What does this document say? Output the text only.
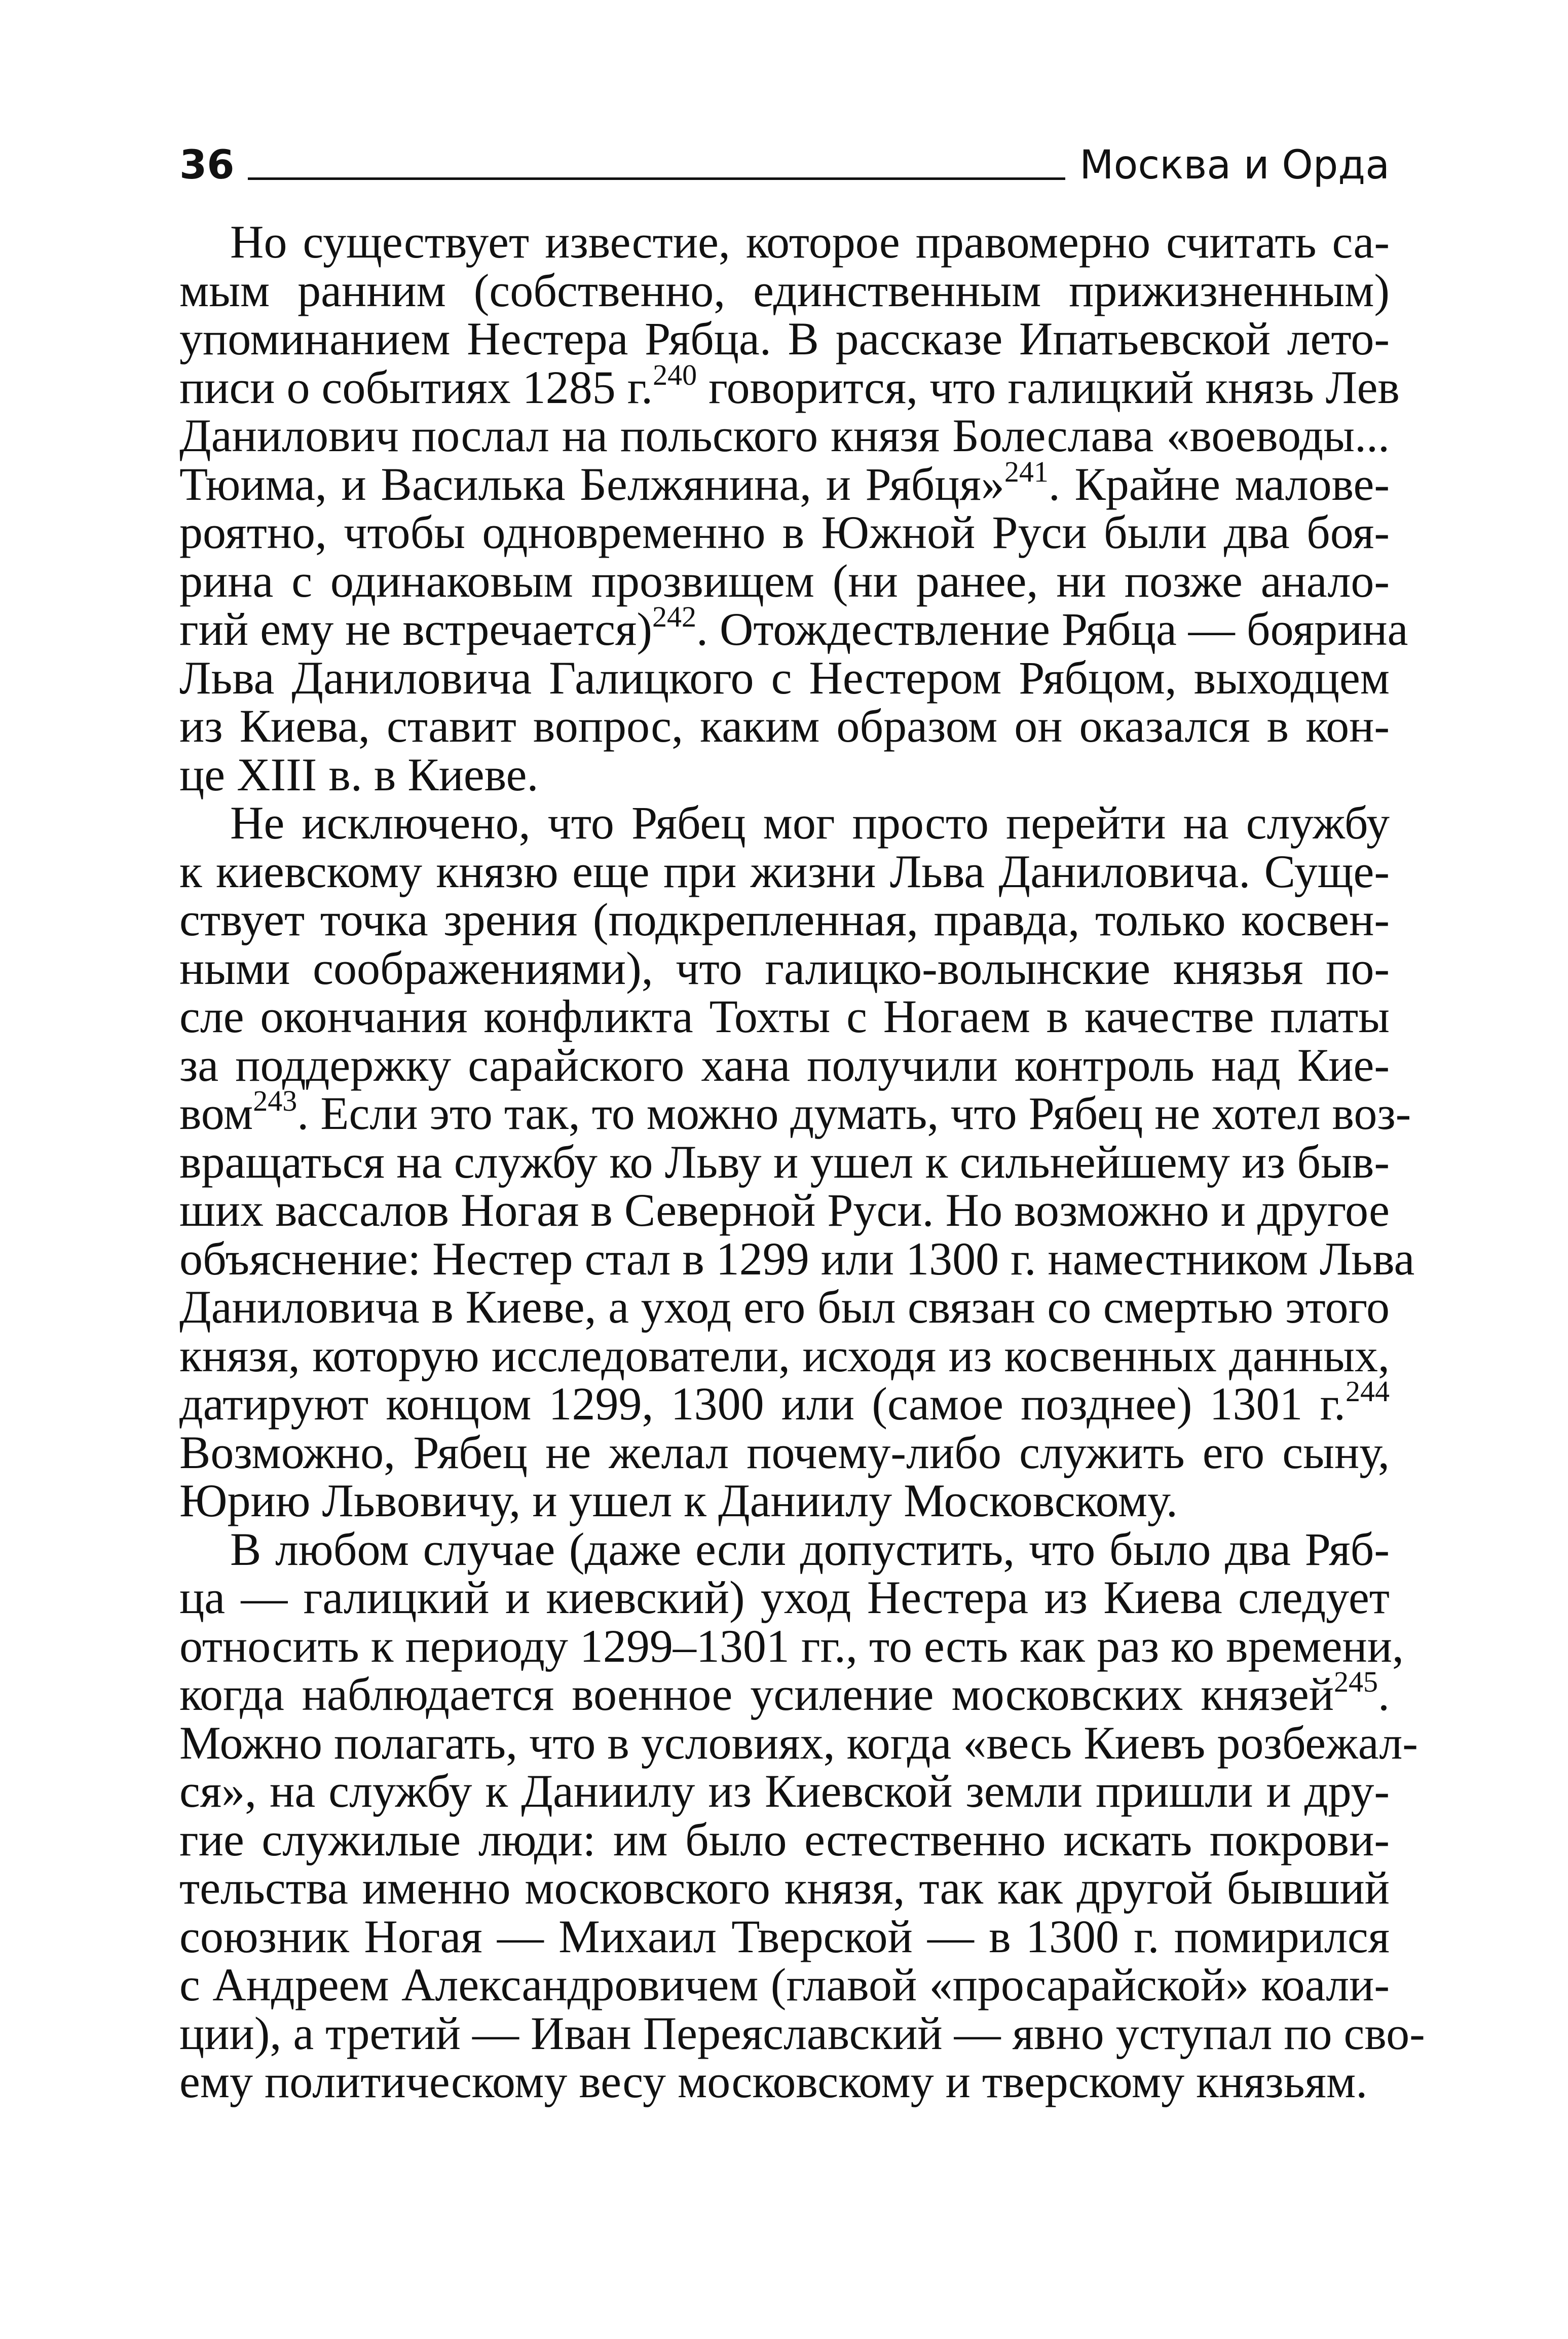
36	Москва и Орда
Но существует известие, которое правомерно считать са-
мым ранним (собственно, единственным прижизненным)
упоминанием Нестера Рябца. В рассказе Ипатьевской лето-
писи о событиях 1285 г.$^{240}$ говорится, что галицкий князь Лев
Данилович послал на польского князя Болеслава «воеводы...
Тюима, и Василька Белжянина, и Рябця»$^{241}$. Крайне малове-
роятно, чтобы одновременно в Южной Руси были два боя-
рина с одинаковым прозвищем (ни ранее, ни позже анало-
гий ему не встречается)$^{242}$. Отождествление Рябца — боярина
Льва Даниловича Галицкого с Нестером Рябцом, выходцем
из Киева, ставит вопрос, каким образом он оказался в кон-
це XIII в. в Киеве.
Не исключено, что Рябец мог просто перейти на службу
к киевскому князю еще при жизни Льва Даниловича. Суще-
ствует точка зрения (подкрепленная, правда, только косвен-
ными соображениями), что галицко-волынские князья по-
сле окончания конфликта Тохты с Ногаем в качестве платы
за поддержку сарайского хана получили контроль над Кие-
вом$^{243}$. Если это так, то можно думать, что Рябец не хотел воз-
вращаться на службу ко Льву и ушел к сильнейшему из быв-
ших вассалов Ногая в Северной Руси. Но возможно и другое
объяснение: Нестер стал в 1299 или 1300 г. наместником Льва
Даниловича в Киеве, а уход его был связан со смертью этого
князя, которую исследователи, исходя из косвенных данных,
датируют концом 1299, 1300 или (самое позднее) 1301 г.$^{244}$
Возможно, Рябец не желал почему-либо служить его сыну,
Юрию Львовичу, и ушел к Даниилу Московскому.
В любом случае (даже если допустить, что было два Ряб-
ца — галицкий и киевский) уход Нестера из Киева следует
относить к периоду 1299–1301 гг., то есть как раз ко времени,
когда наблюдается военное усиление московских князей$^{245}$.
Можно полагать, что в условиях, когда «весь Киевъ розбежал-
ся», на службу к Даниилу из Киевской земли пришли и дру-
гие служилые люди: им было естественно искать покрови-
тельства именно московского князя, так как другой бывший
союзник Ногая — Михаил Тверской — в 1300 г. помирился
с Андреем Александровичем (главой «просарайской» коали-
ции), а третий — Иван Переяславский — явно уступал по сво-
ему политическому весу московскому и тверскому князьям.
